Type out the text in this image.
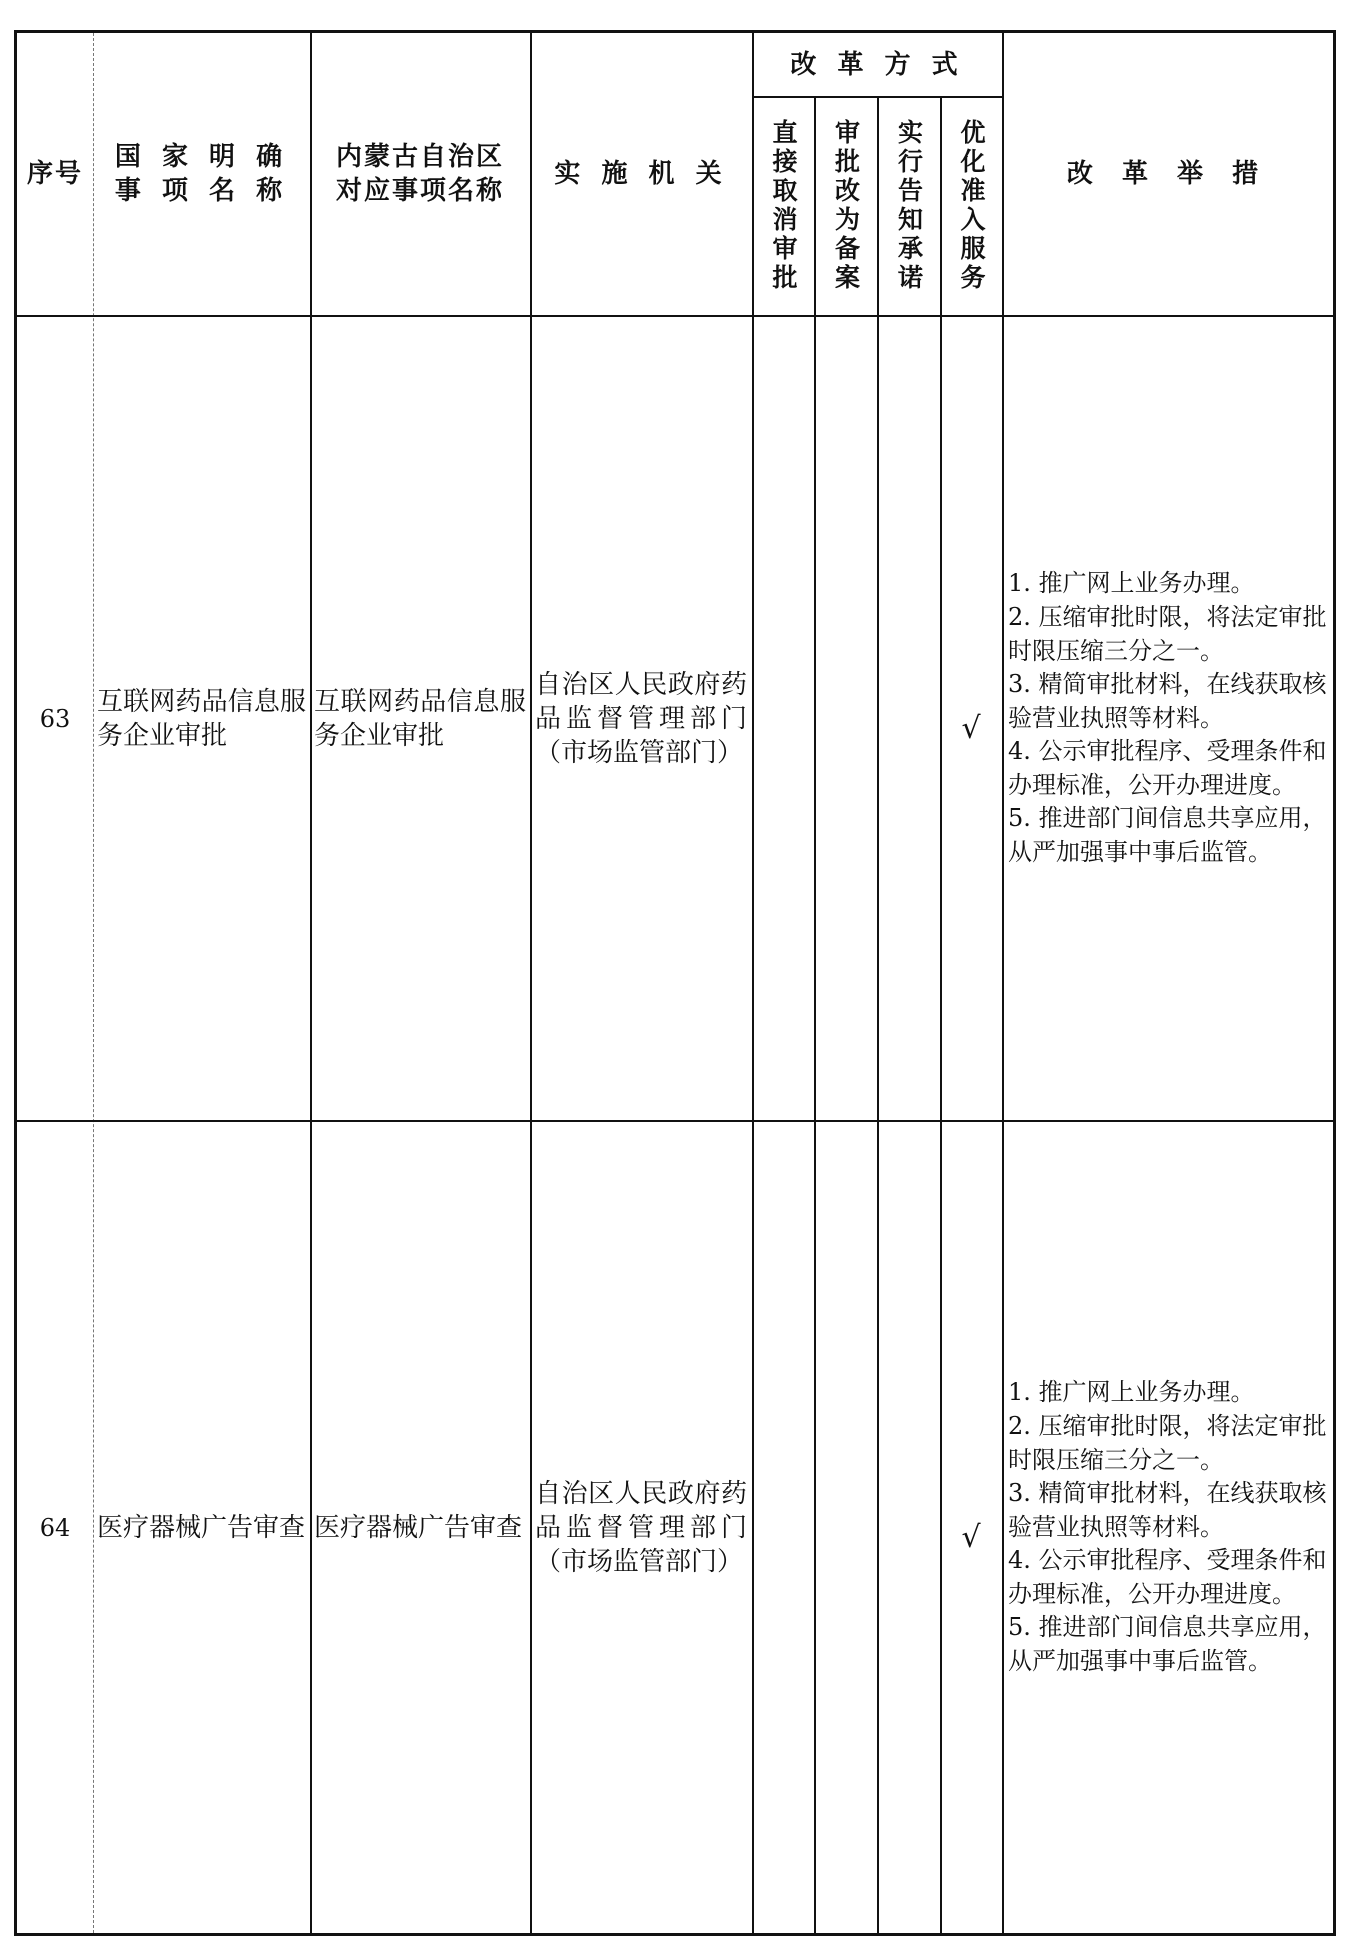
序号
国 家 明 确
事 项 名 称
内蒙古自治区
对应事项名称
实 施 机 关
改 革 方 式
直接取消审批 审批改为备案 实行告知承诺 优化准入服务	改 革 举 措
63
互联网药品信息服务企业审批
互联网药品信息服务企业审批
自治区人民政府药品监督管理部门（市场监管部门）
√
1. 推广网上业务办理。
2. 压缩审批时限，将法定审批时限压缩三分之一。
3. 精简审批材料，在线获取核验营业执照等材料。
4. 公示审批程序、受理条件和办理标准，公开办理进度。
5. 推进部门间信息共享应用，从严加强事中事后监管。
64	医疗器械广告审查 医疗器械广告审查
自治区人民政府药品监督管理部门（市场监管部门）
√
1. 推广网上业务办理。
2. 压缩审批时限，将法定审批时限压缩三分之一。
3. 精简审批材料，在线获取核验营业执照等材料。
4. 公示审批程序、受理条件和办理标准，公开办理进度。
5. 推进部门间信息共享应用，从严加强事中事后监管。
